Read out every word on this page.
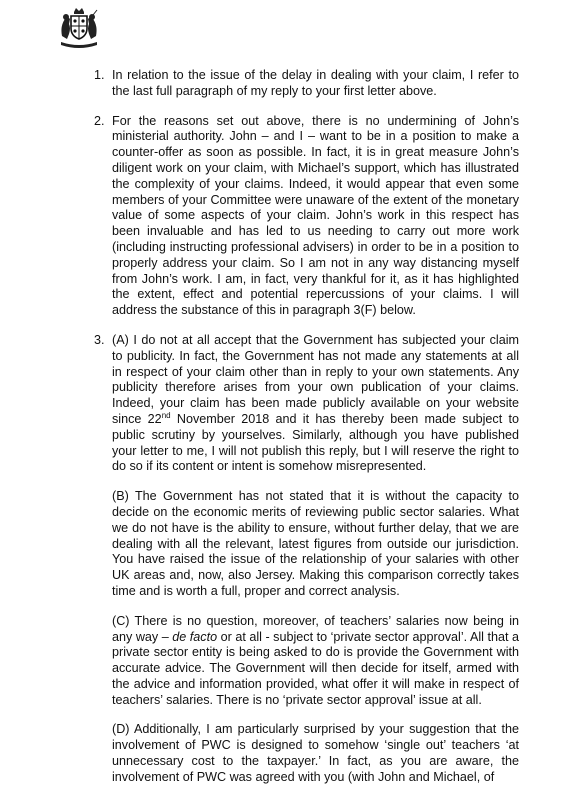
1. In relation to the issue of the delay in dealing with your claim, I refer to the last full paragraph of my reply to your first letter above.

2. For the reasons set out above, there is no undermining of John’s ministerial authority. John – and I – want to be in a position to make a counter-offer as soon as possible. In fact, it is in great measure John’s diligent work on your claim, with Michael’s support, which has illustrated the complexity of your claims. Indeed, it would appear that even some members of your Committee were unaware of the extent of the monetary value of some aspects of your claim. John’s work in this respect has been invaluable and has led to us needing to carry out more work (including instructing professional advisers) in order to be in a position to properly address your claim. So I am not in any way distancing myself from John’s work. I am, in fact, very thankful for it, as it has highlighted the extent, effect and potential repercussions of your claims. I will address the substance of this in paragraph 3(F) below.

3. (A) I do not at all accept that the Government has subjected your claim to publicity. In fact, the Government has not made any statements at all in respect of your claim other than in reply to your own statements. Any publicity therefore arises from your own publication of your claims. Indeed, your claim has been made publicly available on your website since 22nd November 2018 and it has thereby been made subject to public scrutiny by yourselves. Similarly, although you have published your letter to me, I will not publish this reply, but I will reserve the right to do so if its content or intent is somehow misrepresented.

(B) The Government has not stated that it is without the capacity to decide on the economic merits of reviewing public sector salaries. What we do not have is the ability to ensure, without further delay, that we are dealing with all the relevant, latest figures from outside our jurisdiction. You have raised the issue of the relationship of your salaries with other UK areas and, now, also Jersey. Making this comparison correctly takes time and is worth a full, proper and correct analysis.

(C) There is no question, moreover, of teachers’ salaries now being in any way – de facto or at all - subject to ‘private sector approval’. All that a private sector entity is being asked to do is provide the Government with accurate advice. The Government will then decide for itself, armed with the advice and information provided, what offer it will make in respect of teachers’ salaries. There is no ‘private sector approval’ issue at all.

(D) Additionally, I am particularly surprised by your suggestion that the involvement of PWC is designed to somehow ‘single out’ teachers ‘at unnecessary cost to the taxpayer.’ In fact, as you are aware, the involvement of PWC was agreed with you (with John and Michael, of
